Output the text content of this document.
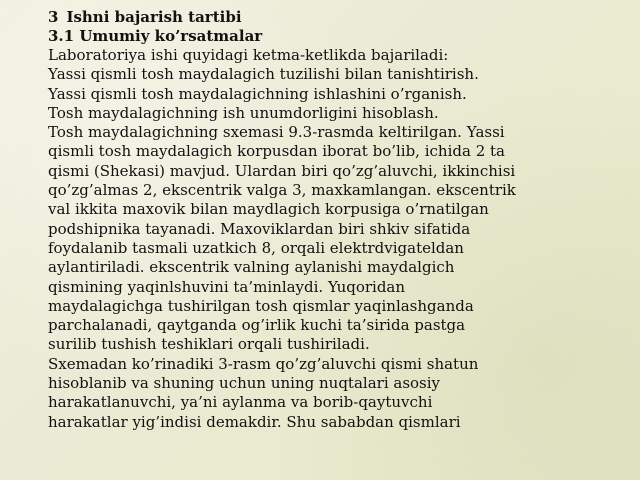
3 Ishni bajarish tartibi

3.1 Umumiy ko’rsatmalar

Laboratoriya ishi quyidagi ketma-ketlikda bajariladi:

Yassi qismli tosh maydalagich tuzilishi bilan tanishtirish.

Yassi qismli tosh maydalagichning ishlashini o’rganish.

Tosh maydalagichning ish unumdorligini hisoblash.

Tosh maydalagichning sxemasi 9.3-rasmda keltirilgan. Yassi

qismli tosh maydalagich korpusdan iborat bo’lib, ichida 2 ta

qismi (Shekasi) mavjud. Ulardan biri qo’zg’aluvchi, ikkinchisi

qo’zg’almas 2, ekscentrik valga 3, maxkamlangan. ekscentrik

val ikkita maxovik bilan maydlagich korpusiga o’rnatilgan

podshipnika tayanadi. Maxoviklardan biri shkiv sifatida

foydalanib tasmali uzatkich 8, orqali elektrdvigateldan

aylantiriladi. ekscentrik valning aylanishi maydalgich

qismining yaqinlshuvini ta’minlaydi. Yuqoridan

maydalagichga tushirilgan tosh qismlar yaqinlashganda

parchalanadi, qaytganda og’irlik kuchi ta’sirida pastga

surilib tushish teshiklari orqali tushiriladi.

Sxemadan ko’rinadiki 3-rasm qo’zg’aluvchi qismi shatun

hisoblanib va shuning uchun uning nuqtalari asosiy

harakatlanuvchi, ya’ni aylanma va borib-qaytuvchi

harakatlar yig’indisi demakdir. Shu sababdan qismlari
